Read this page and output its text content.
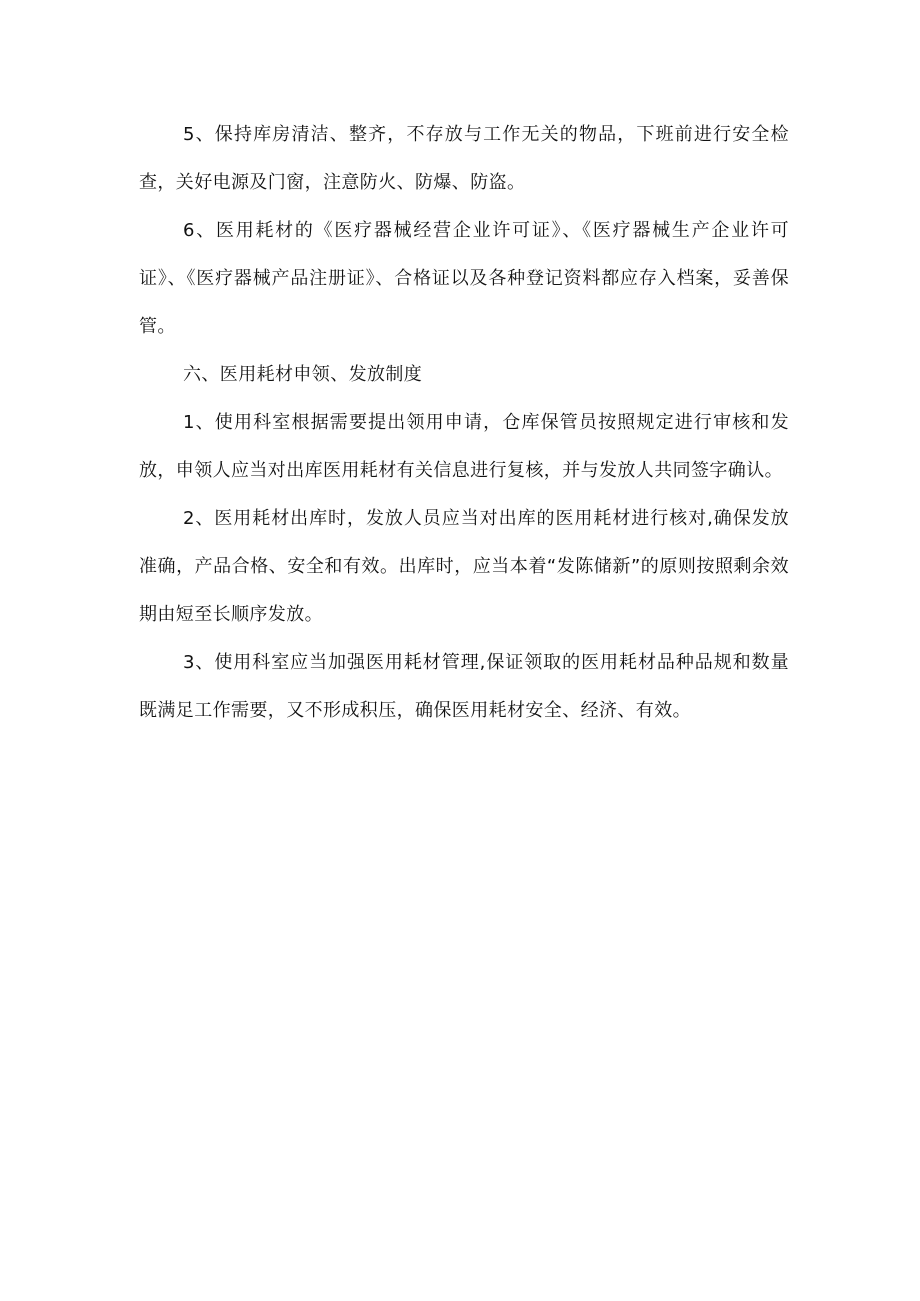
5、保持库房清洁、整齐，不存放与工作无关的物品，下班前进行安全检查，关好电源及门窗，注意防火、防爆、防盗。

6、医用耗材的《医疗器械经营企业许可证》、《医疗器械生产企业许可证》、《医疗器械产品注册证》、合格证以及各种登记资料都应存入档案，妥善保管。

六、医用耗材申领、发放制度

1、使用科室根据需要提出领用申请，仓库保管员按照规定进行审核和发放，申领人应当对出库医用耗材有关信息进行复核，并与发放人共同签字确认。

2、医用耗材出库时，发放人员应当对出库的医用耗材进行核对,确保发放准确，产品合格、安全和有效。出库时，应当本着“发陈储新”的原则按照剩余效期由短至长顺序发放。

3、使用科室应当加强医用耗材管理,保证领取的医用耗材品种品规和数量既满足工作需要，又不形成积压，确保医用耗材安全、经济、有效。
